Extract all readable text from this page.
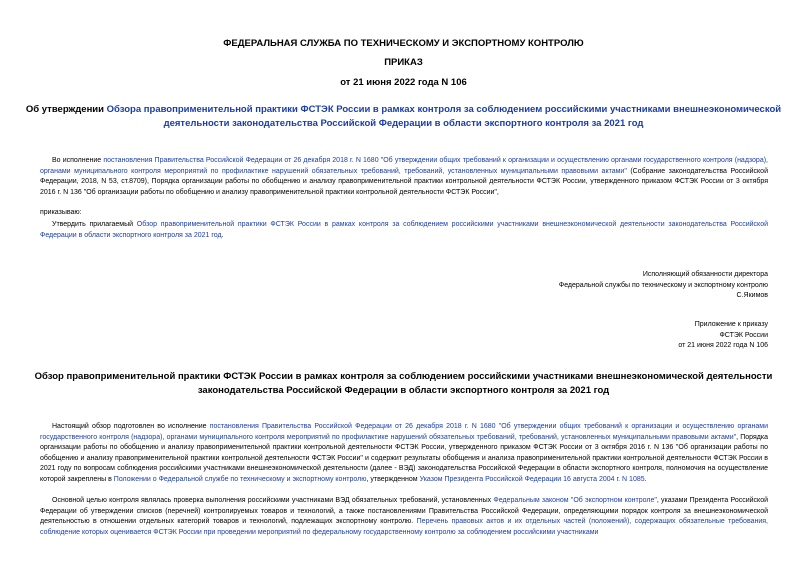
ФЕДЕРАЛЬНАЯ СЛУЖБА ПО ТЕХНИЧЕСКОМУ И ЭКСПОРТНОМУ КОНТРОЛЮ
ПРИКАЗ
от 21 июня 2022 года N 106
Об утверждении Обзора правоприменительной практики ФСТЭК России в рамках контроля за соблюдением российскими участниками внешнеэкономической деятельности законодательства Российской Федерации в области экспортного контроля за 2021 год
Во исполнение постановления Правительства Российской Федерации от 26 декабря 2018 г. N 1680 "Об утверждении общих требований к организации и осуществлению органами государственного контроля (надзора), органами муниципального контроля мероприятий по профилактике нарушений обязательных требований, требований, установленных муниципальными правовыми актами" (Собрание законодательства Российской Федерации, 2018, N 53, ст.8709), Порядка организации работы по обобщению и анализу правоприменительной практики контрольной деятельности ФСТЭК России, утвержденного приказом ФСТЭК России от 3 октября 2016 г. N 136 "Об организации работы по обобщению и анализу правоприменительной практики контрольной деятельности ФСТЭК России",
приказываю:
Утвердить прилагаемый Обзор правоприменительной практики ФСТЭК России в рамках контроля за соблюдением российскими участниками внешнеэкономической деятельности законодательства Российской Федерации в области экспортного контроля за 2021 год.
Исполняющий обязанности директора
Федеральной службы по техническому и экспортному контролю
С.Якимов
Приложение к приказу
ФСТЭК России
от 21 июня 2022 года N 106
Обзор правоприменительной практики ФСТЭК России в рамках контроля за соблюдением российскими участниками внешнеэкономической деятельности законодательства Российской Федерации в области экспортного контроля за 2021 год
Настоящий обзор подготовлен во исполнение постановления Правительства Российской Федерации от 26 декабря 2018 г. N 1680 "Об утверждении общих требований к организации и осуществлению органами государственного контроля (надзора), органами муниципального контроля мероприятий по профилактике нарушений обязательных требований, требований, установленных муниципальными правовыми актами", Порядка организации работы по обобщению и анализу правоприменительной практики контрольной деятельности ФСТЭК России, утвержденного приказом ФСТЭК России от 3 октября 2016 г. N 136 "Об организации работы по обобщению и анализу правоприменительной практики контрольной деятельности ФСТЭК России" и содержит результаты обобщения и анализа правоприменительной практики контрольной деятельности ФСТЭК России в 2021 году по вопросам соблюдения российскими участниками внешнеэкономической деятельности (далее - ВЭД) законодательства Российской Федерации в области экспортного контроля, полномочия на осуществление которой закреплены в Положении о Федеральной службе по техническому и экспортному контролю, утвержденном Указом Президента Российской Федерации 16 августа 2004 г. N 1085.
Основной целью контроля являлась проверка выполнения российскими участниками ВЭД обязательных требований, установленных Федеральным законом "Об экспортном контроле", указами Президента Российской Федерации об утверждении списков (перечней) контролируемых товаров и технологий, а также постановлениями Правительства Российской Федерации, определяющими порядок контроля за внешнеэкономической деятельностью в отношении отдельных категорий товаров и технологий, подлежащих экспортному контролю. Перечень правовых актов и их отдельных частей (положений), содержащих обязательные требования, соблюдение которых оценивается ФСТЭК России при проведении мероприятий по федеральному государственному контролю за соблюдением российскими участниками
